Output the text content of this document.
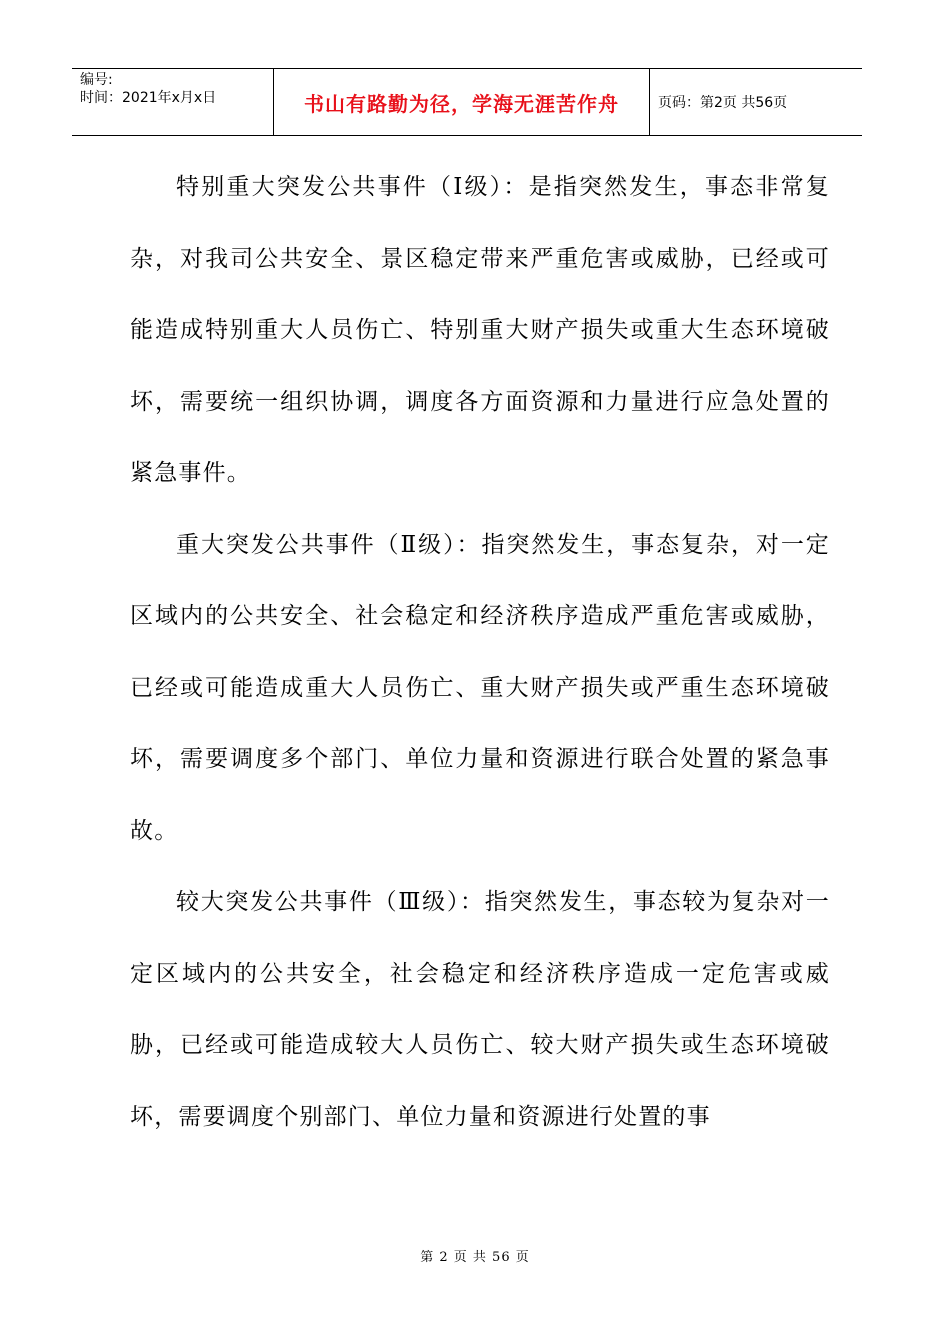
编号:
时间：2021年x月x日	书山有路勤为径，学海无涯苦作舟	页码：第2页 共56页

特别重大突发公共事件（Ⅰ级）：是指突然发生，事态非常复杂，对我司公共安全、景区稳定带来严重危害或威胁，已经或可能造成特别重大人员伤亡、特别重大财产损失或重大生态环境破坏，需要统一组织协调，调度各方面资源和力量进行应急处置的紧急事件。

重大突发公共事件（Ⅱ级）：指突然发生，事态复杂，对一定区域内的公共安全、社会稳定和经济秩序造成严重危害或威胁，已经或可能造成重大人员伤亡、重大财产损失或严重生态环境破坏，需要调度多个部门、单位力量和资源进行联合处置的紧急事故。

较大突发公共事件（Ⅲ级）：指突然发生，事态较为复杂对一定区域内的公共安全，社会稳定和经济秩序造成一定危害或威胁，已经或可能造成较大人员伤亡、较大财产损失或生态环境破坏，需要调度个别部门、单位力量和资源进行处置的事

第 2 页 共 56 页
